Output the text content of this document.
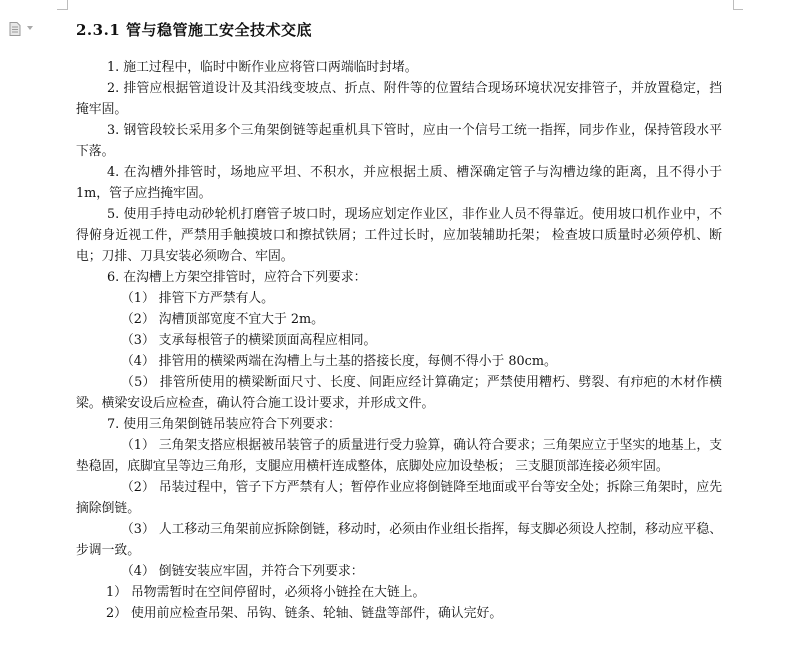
2.3.1 管与稳管施工安全技术交底

1. 施工过程中，临时中断作业应将管口两端临时封堵。

2. 排管应根据管道设计及其沿线变坡点、折点、附件等的位置结合现场环境状况安排管子，并放置稳定，挡掩牢固。

3. 钢管段较长采用多个三角架倒链等起重机具下管时，应由一个信号工统一指挥，同步作业，保持管段水平下落。

4. 在沟槽外排管时，场地应平坦、不积水，并应根据土质、槽深确定管子与沟槽边缘的距离，且不得小于 1m，管子应挡掩牢固。

5. 使用手持电动砂轮机打磨管子坡口时，现场应划定作业区，非作业人员不得靠近。使用坡口机作业中，不得俯身近视工件，严禁用手触摸坡口和擦拭铁屑；工件过长时，应加装辅助托架； 检查坡口质量时必须停机、断电；刀排、刀具安装必须吻合、牢固。

6. 在沟槽上方架空排管时，应符合下列要求：

（1） 排管下方严禁有人。

（2） 沟槽顶部宽度不宜大于 2m。

（3） 支承每根管子的横梁顶面高程应相同。

（4） 排管用的横梁两端在沟槽上与土基的搭接长度，每侧不得小于 80cm。

（5） 排管所使用的横梁断面尺寸、长度、间距应经计算确定；严禁使用糟朽、劈裂、有疖疤的木材作横梁。横梁安设后应检查，确认符合施工设计要求，并形成文件。

7. 使用三角架倒链吊装应符合下列要求：

（1） 三角架支搭应根据被吊装管子的质量进行受力验算，确认符合要求；三角架应立于坚实的地基上，支垫稳固，底脚宜呈等边三角形，支腿应用横杆连成整体，底脚处应加设垫板； 三支腿顶部连接必须牢固。

（2） 吊装过程中，管子下方严禁有人；暂停作业应将倒链降至地面或平台等安全处；拆除三角架时，应先摘除倒链。

（3） 人工移动三角架前应拆除倒链，移动时，必须由作业组长指挥，每支脚必须设人控制，移动应平稳、步调一致。

（4） 倒链安装应牢固，并符合下列要求：

1） 吊物需暂时在空间停留时，必须将小链拴在大链上。

2） 使用前应检查吊架、吊钩、链条、轮轴、链盘等部件，确认完好。
